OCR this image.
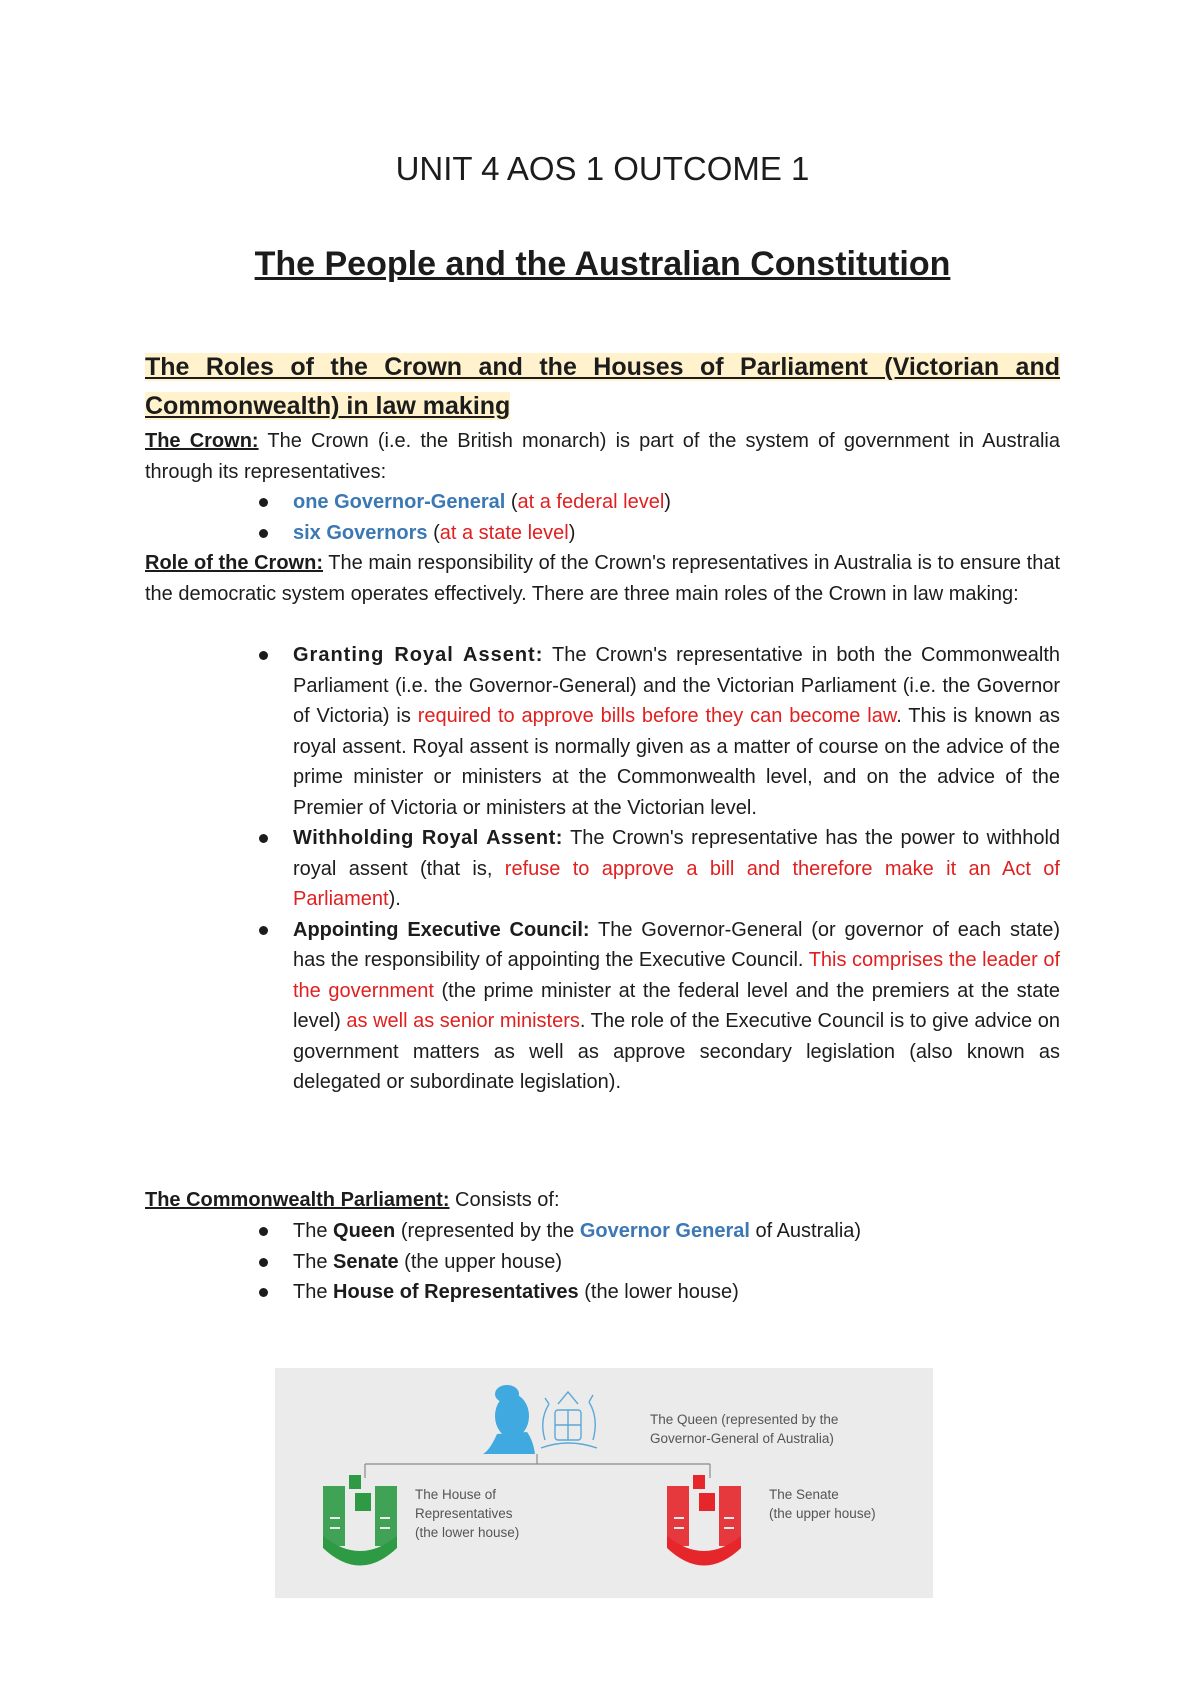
UNIT 4 AOS 1 OUTCOME 1
The People and the Australian Constitution
The Roles of the Crown and the Houses of Parliament (Victorian and Commonwealth) in law making
The Crown: The Crown (i.e. the British monarch) is part of the system of government in Australia through its representatives:
one Governor-General (at a federal level)
six Governors (at a state level)
Role of the Crown: The main responsibility of the Crown's representatives in Australia is to ensure that the democratic system operates effectively. There are three main roles of the Crown in law making:
Granting Royal Assent: The Crown's representative in both the Commonwealth Parliament (i.e. the Governor-General) and the Victorian Parliament (i.e. the Governor of Victoria) is required to approve bills before they can become law. This is known as royal assent. Royal assent is normally given as a matter of course on the advice of the prime minister or ministers at the Commonwealth level, and on the advice of the Premier of Victoria or ministers at the Victorian level.
Withholding Royal Assent: The Crown's representative has the power to withhold royal assent (that is, refuse to approve a bill and therefore make it an Act of Parliament).
Appointing Executive Council: The Governor-General (or governor of each state) has the responsibility of appointing the Executive Council. This comprises the leader of the government (the prime minister at the federal level and the premiers at the state level) as well as senior ministers. The role of the Executive Council is to give advice on government matters as well as approve secondary legislation (also known as delegated or subordinate legislation).
The Commonwealth Parliament: Consists of:
The Queen (represented by the Governor General of Australia)
The Senate (the upper house)
The House of Representatives (the lower house)
The Queen (represented by the
Governor-General of Australia)
The House of
Representatives
(the lower house)
The Senate
(the upper house)
